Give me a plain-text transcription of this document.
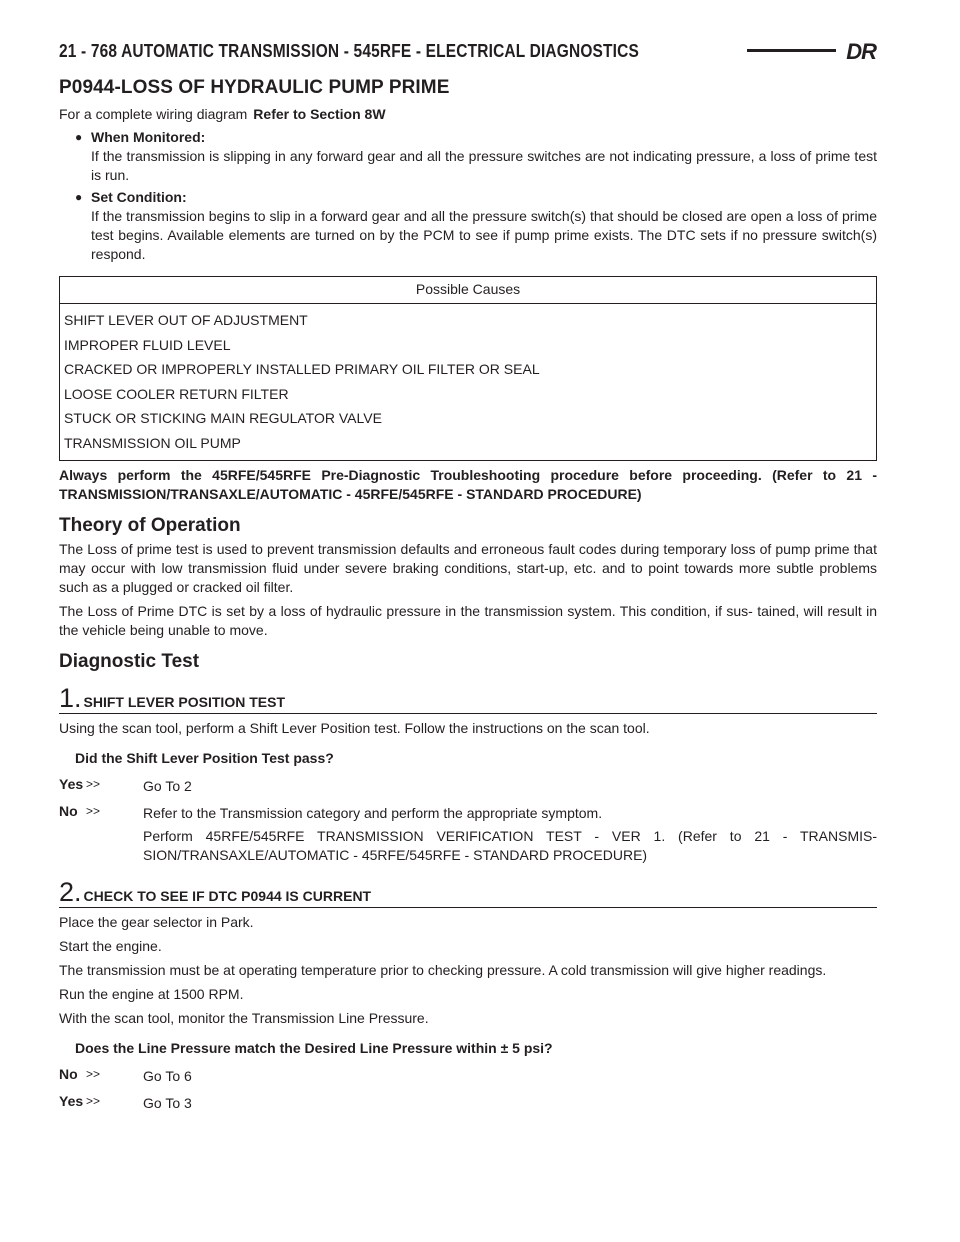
21 - 768 AUTOMATIC TRANSMISSION - 545RFE - ELECTRICAL DIAGNOSTICS	DR
P0944-LOSS OF HYDRAULIC PUMP PRIME
For a complete wiring diagram Refer to Section 8W
● When Monitored:
If the transmission is slipping in any forward gear and all the pressure switches are not indicating pressure, a loss of prime test is run.
● Set Condition:
If the transmission begins to slip in a forward gear and all the pressure switch(s) that should be closed are open a loss of prime test begins. Available elements are turned on by the PCM to see if pump prime exists. The DTC sets if no pressure switch(s) respond.
Possible Causes
SHIFT LEVER OUT OF ADJUSTMENT
IMPROPER FLUID LEVEL
CRACKED OR IMPROPERLY INSTALLED PRIMARY OIL FILTER OR SEAL
LOOSE COOLER RETURN FILTER
STUCK OR STICKING MAIN REGULATOR VALVE
TRANSMISSION OIL PUMP
Always perform the 45RFE/545RFE Pre-Diagnostic Troubleshooting procedure before proceeding. (Refer to 21 - TRANSMISSION/TRANSAXLE/AUTOMATIC - 45RFE/545RFE - STANDARD PROCEDURE)
Theory of Operation

The Loss of prime test is used to prevent transmission defaults and erroneous fault codes during temporary loss of pump prime that may occur with low transmission fluid under severe braking conditions, start-up, etc. and to point towards more subtle problems such as a plugged or cracked oil filter.

The Loss of Prime DTC is set by a loss of hydraulic pressure in the transmission system. This condition, if sus- tained, will result in the vehicle being unable to move.

Diagnostic Test
1. SHIFT LEVER POSITION TEST
Using the scan tool, perform a Shift Lever Position test. Follow the instructions on the scan tool.
Did the Shift Lever Position Test pass?
Yes >>	Go To 2
No >>	Refer to the Transmission category and perform the appropriate symptom.
Perform 45RFE/545RFE TRANSMISSION VERIFICATION TEST - VER 1. (Refer to 21 - TRANSMIS- SION/TRANSAXLE/AUTOMATIC - 45RFE/545RFE - STANDARD PROCEDURE)
2. CHECK TO SEE IF DTC P0944 IS CURRENT
Place the gear selector in Park.
Start the engine.
The transmission must be at operating temperature prior to checking pressure. A cold transmission will give higher readings.
Run the engine at 1500 RPM.
With the scan tool, monitor the Transmission Line Pressure.
Does the Line Pressure match the Desired Line Pressure within ± 5 psi?
No >>	Go To 6
Yes >>	Go To 3
